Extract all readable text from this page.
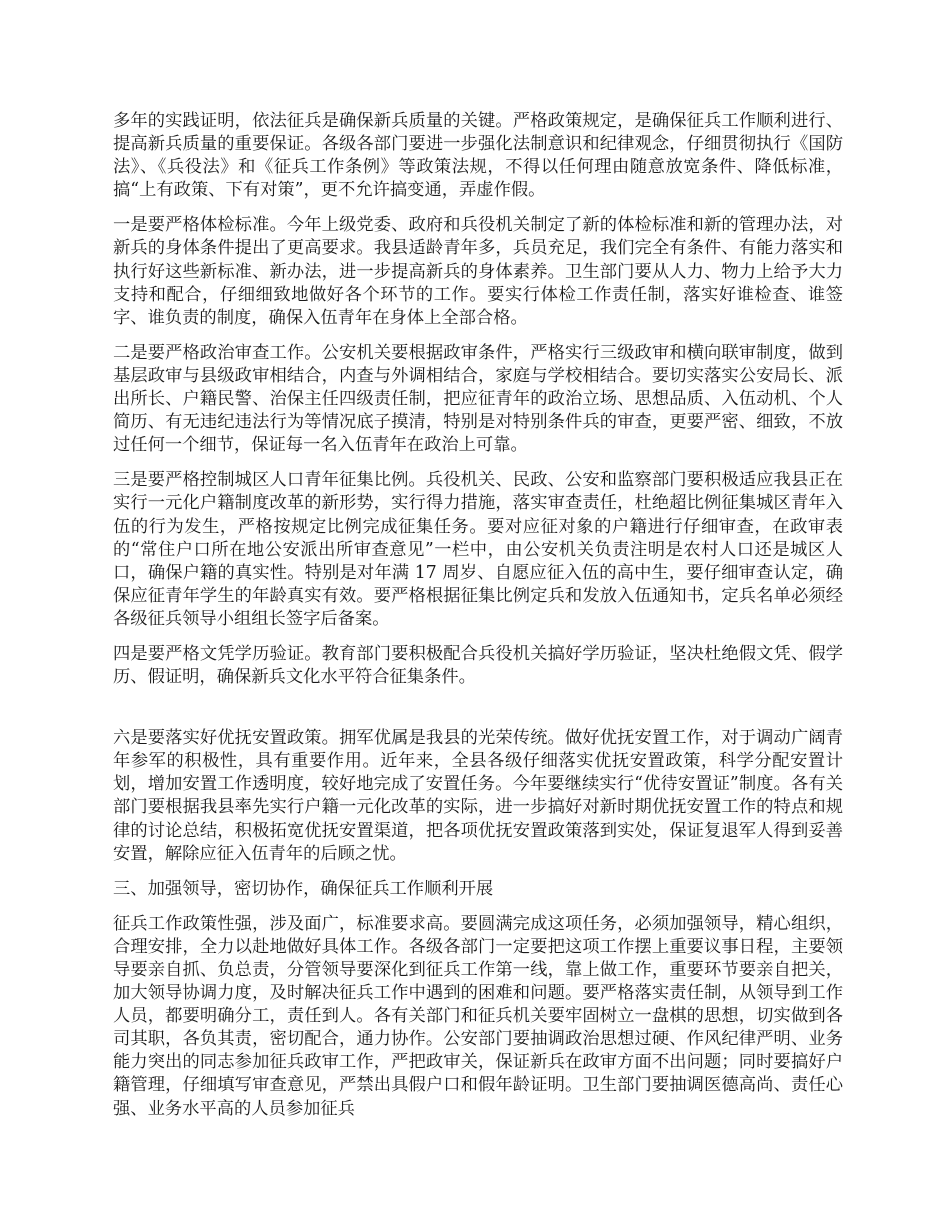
多年的实践证明，依法征兵是确保新兵质量的关键。严格政策规定，是确保征兵工作顺利进行、提高新兵质量的重要保证。各级各部门要进一步强化法制意识和纪律观念，仔细贯彻执行《国防法》、《兵役法》和《征兵工作条例》等政策法规，不得以任何理由随意放宽条件、降低标准，搞“上有政策、下有对策”，更不允许搞变通，弄虚作假。

一是要严格体检标准。今年上级党委、政府和兵役机关制定了新的体检标准和新的管理办法，对新兵的身体条件提出了更高要求。我县适龄青年多，兵员充足，我们完全有条件、有能力落实和执行好这些新标准、新办法，进一步提高新兵的身体素养。卫生部门要从人力、物力上给予大力支持和配合，仔细细致地做好各个环节的工作。要实行体检工作责任制，落实好谁检查、谁签字、谁负责的制度，确保入伍青年在身体上全部合格。

二是要严格政治审查工作。公安机关要根据政审条件，严格实行三级政审和横向联审制度，做到基层政审与县级政审相结合，内查与外调相结合，家庭与学校相结合。要切实落实公安局长、派出所长、户籍民警、治保主任四级责任制，把应征青年的政治立场、思想品质、入伍动机、个人简历、有无违纪违法行为等情况底子摸清，特别是对特别条件兵的审查，更要严密、细致，不放过任何一个细节，保证每一名入伍青年在政治上可靠。

三是要严格控制城区人口青年征集比例。兵役机关、民政、公安和监察部门要积极适应我县正在实行一元化户籍制度改革的新形势，实行得力措施，落实审查责任，杜绝超比例征集城区青年入伍的行为发生，严格按规定比例完成征集任务。要对应征对象的户籍进行仔细审查，在政审表的“常住户口所在地公安派出所审查意见”一栏中，由公安机关负责注明是农村人口还是城区人口，确保户籍的真实性。特别是对年满 17 周岁、自愿应征入伍的高中生，要仔细审查认定，确保应征青年学生的年龄真实有效。要严格根据征集比例定兵和发放入伍通知书，定兵名单必须经各级征兵领导小组组长签字后备案。

四是要严格文凭学历验证。教育部门要积极配合兵役机关搞好学历验证，坚决杜绝假文凭、假学历、假证明，确保新兵文化水平符合征集条件。

六是要落实好优抚安置政策。拥军优属是我县的光荣传统。做好优抚安置工作，对于调动广阔青年参军的积极性，具有重要作用。近年来，全县各级仔细落实优抚安置政策，科学分配安置计划，增加安置工作透明度，较好地完成了安置任务。今年要继续实行“优待安置证”制度。各有关部门要根据我县率先实行户籍一元化改革的实际，进一步搞好对新时期优抚安置工作的特点和规律的讨论总结，积极拓宽优抚安置渠道，把各项优抚安置政策落到实处，保证复退军人得到妥善安置，解除应征入伍青年的后顾之忧。

三、加强领导，密切协作，确保征兵工作顺利开展

征兵工作政策性强，涉及面广，标准要求高。要圆满完成这项任务，必须加强领导，精心组织，合理安排，全力以赴地做好具体工作。各级各部门一定要把这项工作摆上重要议事日程，主要领导要亲自抓、负总责，分管领导要深化到征兵工作第一线，靠上做工作，重要环节要亲自把关，加大领导协调力度，及时解决征兵工作中遇到的困难和问题。要严格落实责任制，从领导到工作人员，都要明确分工，责任到人。各有关部门和征兵机关要牢固树立一盘棋的思想，切实做到各司其职，各负其责，密切配合，通力协作。公安部门要抽调政治思想过硬、作风纪律严明、业务能力突出的同志参加征兵政审工作，严把政审关，保证新兵在政审方面不出问题；同时要搞好户籍管理，仔细填写审查意见，严禁出具假户口和假年龄证明。卫生部门要抽调医德高尚、责任心强、业务水平高的人员参加征兵
